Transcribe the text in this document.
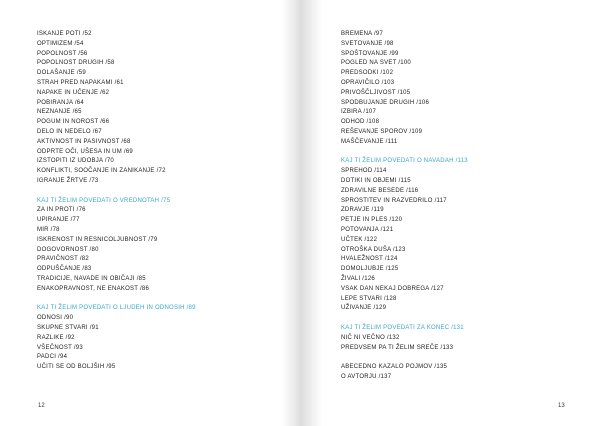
ISKANJE POTI /52
OPTIMIZEM /54
POPOLNOST /56
POPOLNOST DRUGIH /58
DOLAŠANJE /59
STRAH PRED NAPAKAMI /61
NAPAKE IN UČENJE /62
POBIRANJA /64
NEZNANJE /65
POGUM IN NOROST /66
DELO IN NEDELO /67
AKTIVNOST IN PASIVNOST /68
ODPRTE OČI, UŠESA IN UM /69
IZSTOPITI IZ UDOBJA /70
KONFLIKTI, SOOČANJE IN ZANIKANJE /72
IGRANJE ŽRTVE /73
KAJ TI ŽELIM POVEDATI O VREDNOTAH /75
ZA IN PROTI /76
UPIRANJE /77
MIR /78
ISKRENOST IN RESNICOLJUBNOST /79
DOGOVORNOST /80
PRAVIČNOST /82
ODPUŠČANJE /83
TRADICIJE, NAVADE IN OBIČAJI /85
ENAKOPRAVNOST, NE ENAKOST /86
KAJ TI ŽELIM POVEDATI O LJUDEH IN ODNOSIH /89
ODNOSI /90
SKUPNE STVARI /91
RAZLIKE /92
VŠEČNOST /93
PADCI /94
UČITI SE OD BOLJŠIH /95
12
BREMENA /97
SVETOVANJE /98
SPOŠTOVANJE /99
POGLED NA SVET /100
PREDSODKI /102
OPRAVIČILO /103
PRIVOŠČLJIVOST /105
SPODBUJANJE DRUGIH /106
IZBIRA /107
ODHOD /108
REŠEVANJE SPOROV /109
MAŠČEVANJE /111
KAJ TI ŽELIM POVEDATI O NAVADAH /113
SPREHOD /114
DOTIKI IN OBJEMI /115
ZDRAVILNE BESEDE /116
SPROSTITEV IN RAZVEDRILO /117
ZDRAVJE /119
PETJE IN PLES /120
POTOVANJA /121
UČTEK /122
OTROŠKA DUŠA /123
HVALEŽNOST /124
DOMOLJUBJE /125
ŽIVALI /126
VSAK DAN NEKAJ DOBREGA /127
LEPE STVARI /128
UŽIVANJE /129
KAJ TI ŽELIM POVEDATI ZA KONEC /131
NIČ NI VEČNO /132
PREDVSEM PA TI ŽELIM SREČE /133
ABECEDNO KAZALO POJMOV /135
O AVTORJU /137
13
